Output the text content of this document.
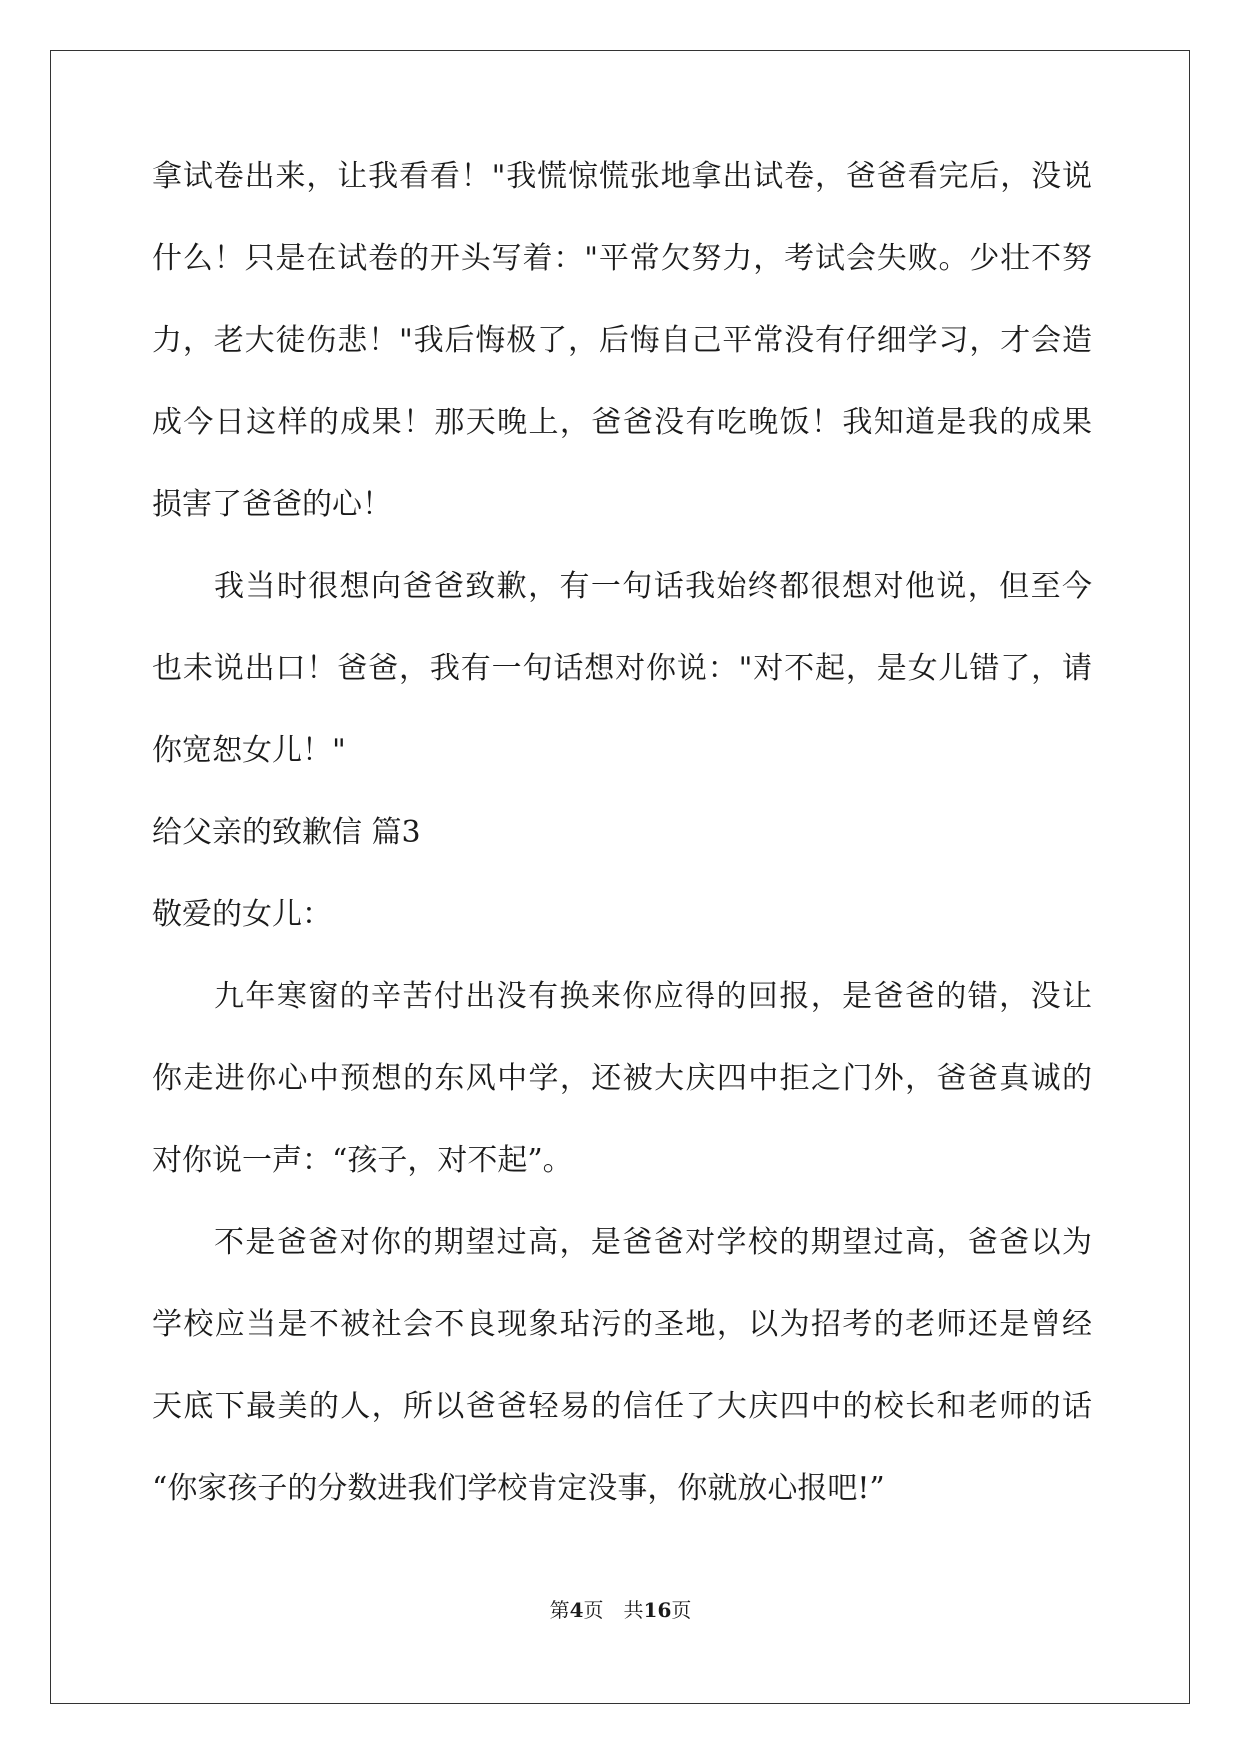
拿试卷出来，让我看看！"我慌惊慌张地拿出试卷，爸爸看完后，没说
什么！只是在试卷的开头写着："平常欠努力，考试会失败。少壮不努
力，老大徒伤悲！"我后悔极了，后悔自己平常没有仔细学习，才会造
成今日这样的成果！那天晚上，爸爸没有吃晚饭！我知道是我的成果
损害了爸爸的心！
我当时很想向爸爸致歉，有一句话我始终都很想对他说，但至今
也未说出口！爸爸，我有一句话想对你说："对不起，是女儿错了，请
你宽恕女儿！"
给父亲的致歉信 篇3
敬爱的女儿：
九年寒窗的辛苦付出没有换来你应得的回报，是爸爸的错，没让
你走进你心中预想的东风中学，还被大庆四中拒之门外，爸爸真诚的
对你说一声：“孩子，对不起”。
不是爸爸对你的期望过高，是爸爸对学校的期望过高，爸爸以为
学校应当是不被社会不良现象玷污的圣地，以为招考的老师还是曾经
天底下最美的人，所以爸爸轻易的信任了大庆四中的校长和老师的话
“你家孩子的分数进我们学校肯定没事，你就放心报吧!”
第4页　共16页
